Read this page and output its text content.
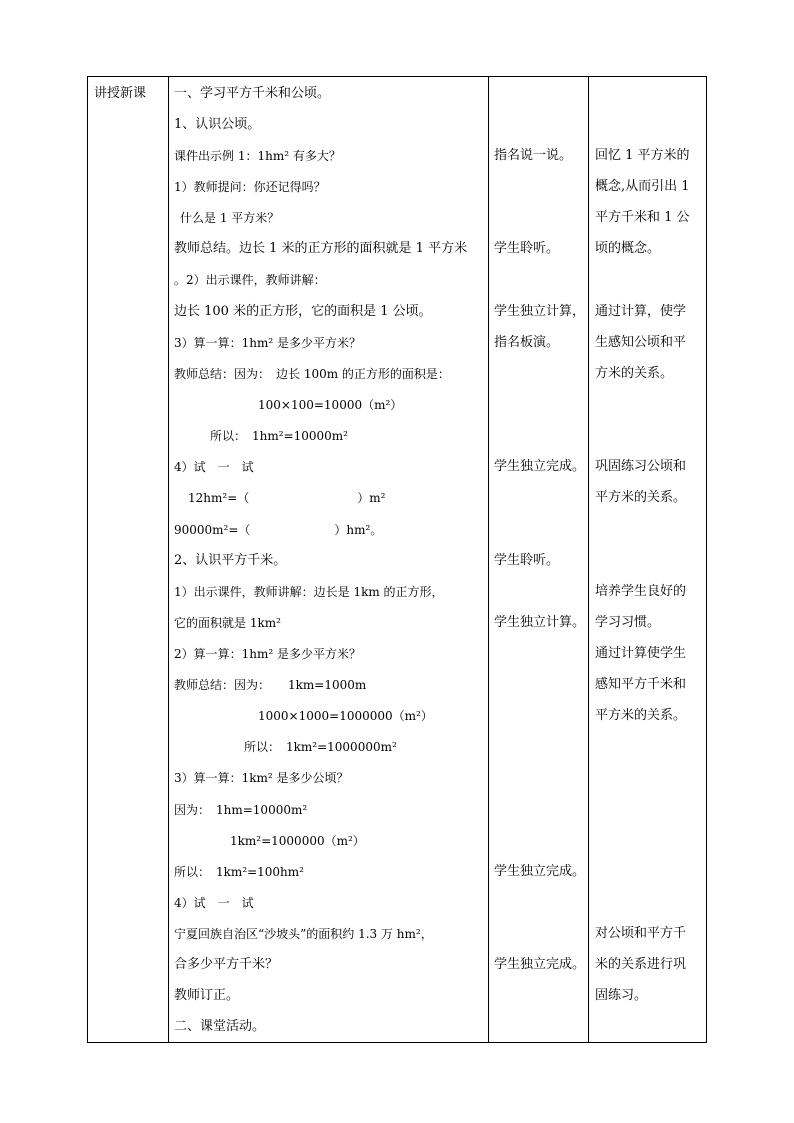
讲授新课 一、学习平方千米和公顷。
1、认识公顷。
课件出示例 1：1hm² 有多大？
1）教师提问：你还记得吗？
什么是 1 平方米？
教师总结。边长 1 米的正方形的面积就是 1 平方米
。2）出示课件，教师讲解：
边长 100 米的正方形，它的面积是 1 公顷。
3）算一算：1hm² 是多少平方米？
教师总结：因为：　边长 100m 的正方形的面积是：
100×100=10000（m²）
所以：　1hm²=10000m²
4）试　一　试
12hm²=（　　　　　　　　　）m²
90000m²=（　　　　　　　）hm²。
2、认识平方千米。
1）出示课件，教师讲解：边长是 1km 的正方形，
它的面积就是 1km²
2）算一算：1hm² 是多少平方米？
教师总结：因为：　　1km=1000m
1000×1000=1000000（m²）
所以：　1km²=1000000m²
3）算一算：1km² 是多少公顷？
因为：　1hm=10000m²
1km²=1000000（m²）
所以：　1km²=100hm²
4）试　一　试
宁夏回族自治区“沙坡头”的面积约 1.3 万 hm²，
合多少平方千米？
教师订正。
二、课堂活动。
指名说一说。
学生聆听。
学生独立计算，
指名板演。
学生独立完成。
学生聆听。
学生独立计算。
学生独立完成。
学生独立完成。
回忆 1 平方米的
概念,从而引出 1
平方千米和 1 公
顷的概念。
通过计算，使学
生感知公顷和平
方米的关系。
巩固练习公顷和
平方米的关系。
培养学生良好的
学习习惯。
通过计算使学生
感知平方千米和
平方米的关系。
对公顷和平方千
米的关系进行巩
固练习。
